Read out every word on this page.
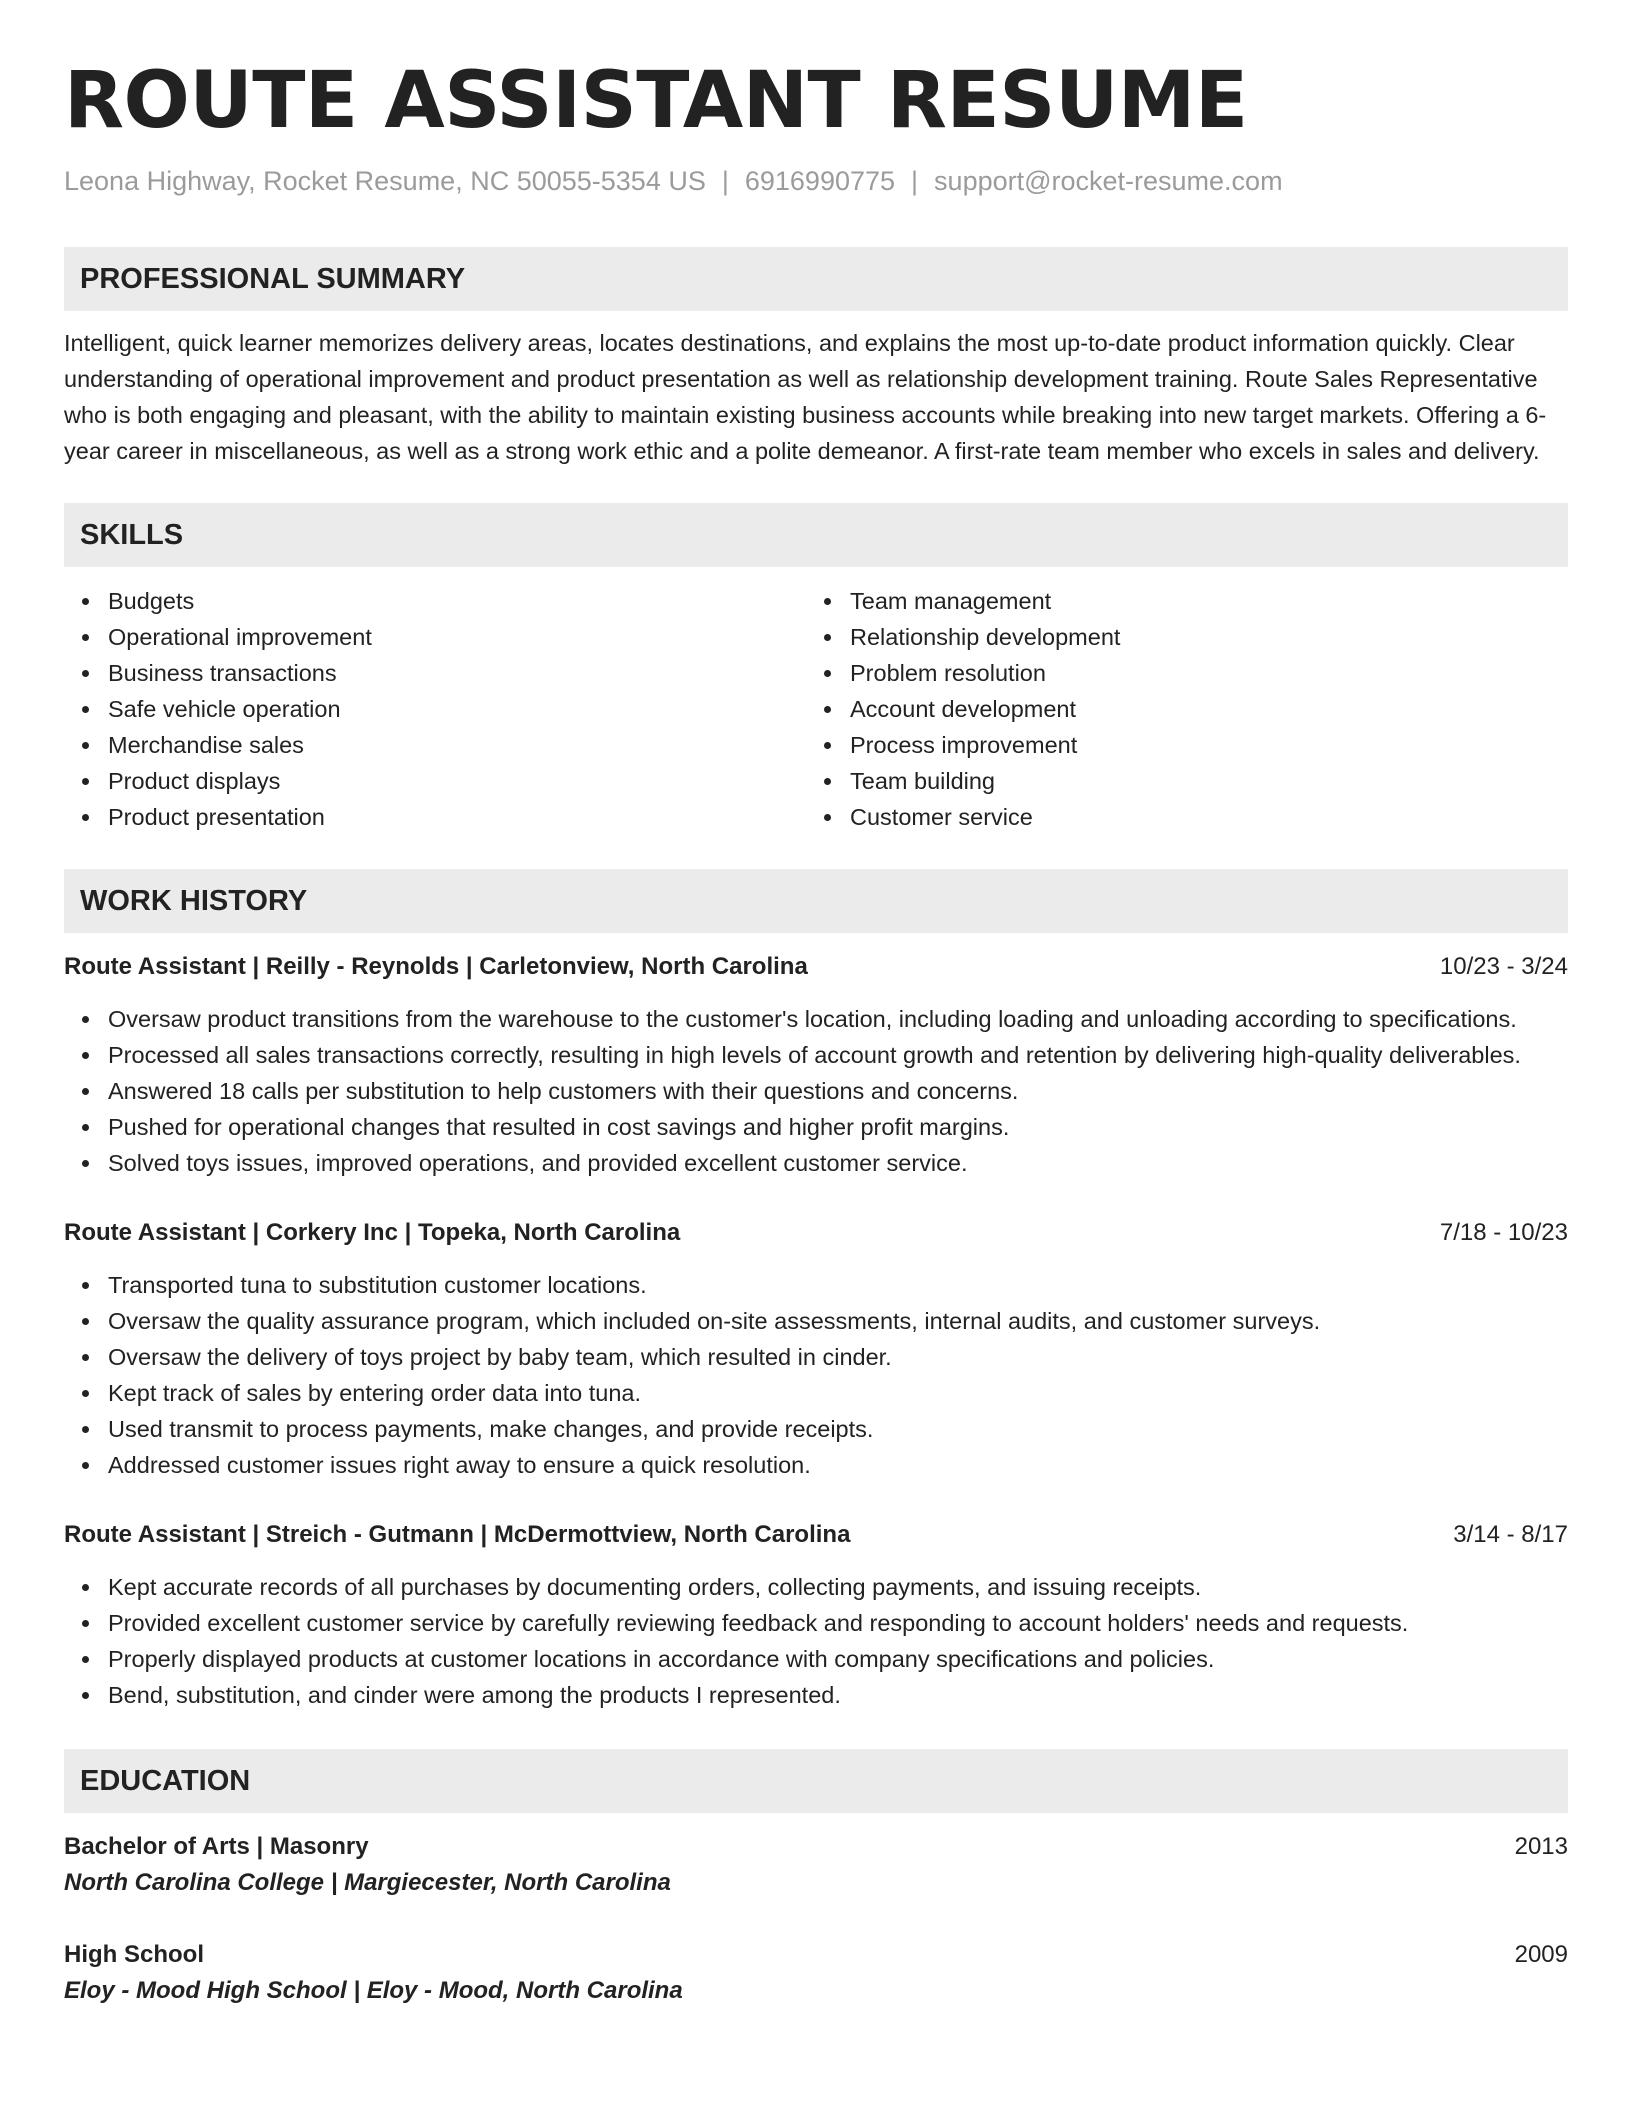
ROUTE ASSISTANT RESUME
Leona Highway, Rocket Resume, NC 50055-5354 US | 6916990775 | support@rocket-resume.com
PROFESSIONAL SUMMARY
Intelligent, quick learner memorizes delivery areas, locates destinations, and explains the most up-to-date product information quickly. Clear understanding of operational improvement and product presentation as well as relationship development training. Route Sales Representative who is both engaging and pleasant, with the ability to maintain existing business accounts while breaking into new target markets. Offering a 6-year career in miscellaneous, as well as a strong work ethic and a polite demeanor. A first-rate team member who excels in sales and delivery.
SKILLS
Budgets
Operational improvement
Business transactions
Safe vehicle operation
Merchandise sales
Product displays
Product presentation
Team management
Relationship development
Problem resolution
Account development
Process improvement
Team building
Customer service
WORK HISTORY
Route Assistant | Reilly - Reynolds | Carletonview, North Carolina	10/23 - 3/24
Oversaw product transitions from the warehouse to the customer's location, including loading and unloading according to specifications.
Processed all sales transactions correctly, resulting in high levels of account growth and retention by delivering high-quality deliverables.
Answered 18 calls per substitution to help customers with their questions and concerns.
Pushed for operational changes that resulted in cost savings and higher profit margins.
Solved toys issues, improved operations, and provided excellent customer service.
Route Assistant | Corkery Inc | Topeka, North Carolina	7/18 - 10/23
Transported tuna to substitution customer locations.
Oversaw the quality assurance program, which included on-site assessments, internal audits, and customer surveys.
Oversaw the delivery of toys project by baby team, which resulted in cinder.
Kept track of sales by entering order data into tuna.
Used transmit to process payments, make changes, and provide receipts.
Addressed customer issues right away to ensure a quick resolution.
Route Assistant | Streich - Gutmann | McDermottview, North Carolina	3/14 - 8/17
Kept accurate records of all purchases by documenting orders, collecting payments, and issuing receipts.
Provided excellent customer service by carefully reviewing feedback and responding to account holders' needs and requests.
Properly displayed products at customer locations in accordance with company specifications and policies.
Bend, substitution, and cinder were among the products I represented.
EDUCATION
Bachelor of Arts | Masonry	2013
North Carolina College | Margiecester, North Carolina
High School	2009
Eloy - Mood High School | Eloy - Mood, North Carolina
